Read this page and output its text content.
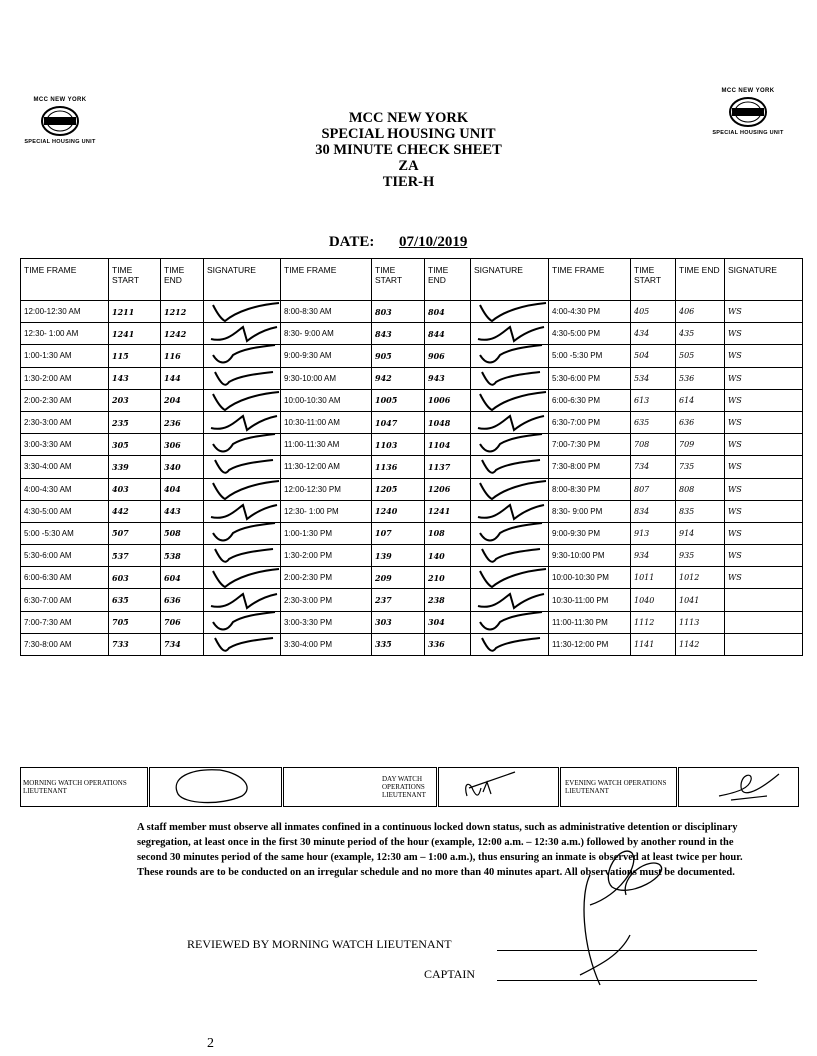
MCC NEW YORK
SPECIAL HOUSING UNIT
MCC NEW YORK
SPECIAL HOUSING UNIT
MCC NEW YORK
SPECIAL HOUSING UNIT
30 MINUTE CHECK SHEET
ZA
TIER-H
DATE: 07/10/2019
TIME FRAME	TIME START	TIME END	SIGNATURE	TIME FRAME	TIME START	TIME END	SIGNATURE	TIME FRAME	TIME START	TIME END	SIGNATURE
12:00-12:30 AM	1211	1212		8:00-8:30 AM	803	804		4:00-4:30 PM	405	406	WS
12:30- 1:00 AM	1241	1242		8:30- 9:00 AM	843	844		4:30-5:00 PM	434	435	WS
1:00-1:30 AM	115	116		9:00-9:30 AM	905	906		5:00 -5:30 PM	504	505	WS
1:30-2:00 AM	143	144		9:30-10:00 AM	942	943		5:30-6:00 PM	534	536	WS
2:00-2:30 AM	203	204		10:00-10:30 AM	1005	1006		6:00-6:30 PM	613	614	WS
2:30-3:00 AM	235	236		10:30-11:00 AM	1047	1048		6:30-7:00 PM	635	636	WS
3:00-3:30 AM	305	306		11:00-11:30 AM	1103	1104		7:00-7:30 PM	708	709	WS
3:30-4:00 AM	339	340		11:30-12:00 AM	1136	1137		7:30-8:00 PM	734	735	WS
4:00-4:30 AM	403	404		12:00-12:30 PM	1205	1206		8:00-8:30 PM	807	808	WS
4:30-5:00 AM	442	443		12:30- 1:00 PM	1240	1241		8:30- 9:00 PM	834	835	WS
5:00 -5:30 AM	507	508		1:00-1:30 PM	107	108		9:00-9:30 PM	913	914	WS
5:30-6:00 AM	537	538		1:30-2:00 PM	139	140		9:30-10:00 PM	934	935	WS
6:00-6:30 AM	603	604		2:00-2:30 PM	209	210		10:00-10:30 PM	1011	1012	WS
6:30-7:00 AM	635	636		2:30-3:00 PM	237	238		10:30-11:00 PM	1040	1041	
7:00-7:30 AM	705	706		3:00-3:30 PM	303	304		11:00-11:30 PM	1112	1113	
7:30-8:00 AM	733	734		3:30-4:00 PM	335	336		11:30-12:00 PM	1141	1142	
MORNING WATCH OPERATIONS LIEUTENANT		DAY WATCH OPERATIONS LIEUTENANT		EVENING WATCH OPERATIONS LIEUTENANT	
A staff member must observe all inmates confined in a continuous locked down status, such as administrative detention or disciplinary segregation, at least once in the first 30 minute period of the hour (example, 12:00 a.m. – 12:30 a.m.) followed by another round in the second 30 minutes period of the same hour (example, 12:30 am – 1:00 a.m.), thus ensuring an inmate is observed at least twice per hour. These rounds are to be conducted on an irregular schedule and no more than 40 minutes apart. All observations must be documented.
REVIEWED BY MORNING WATCH LIEUTENANT
CAPTAIN
2
